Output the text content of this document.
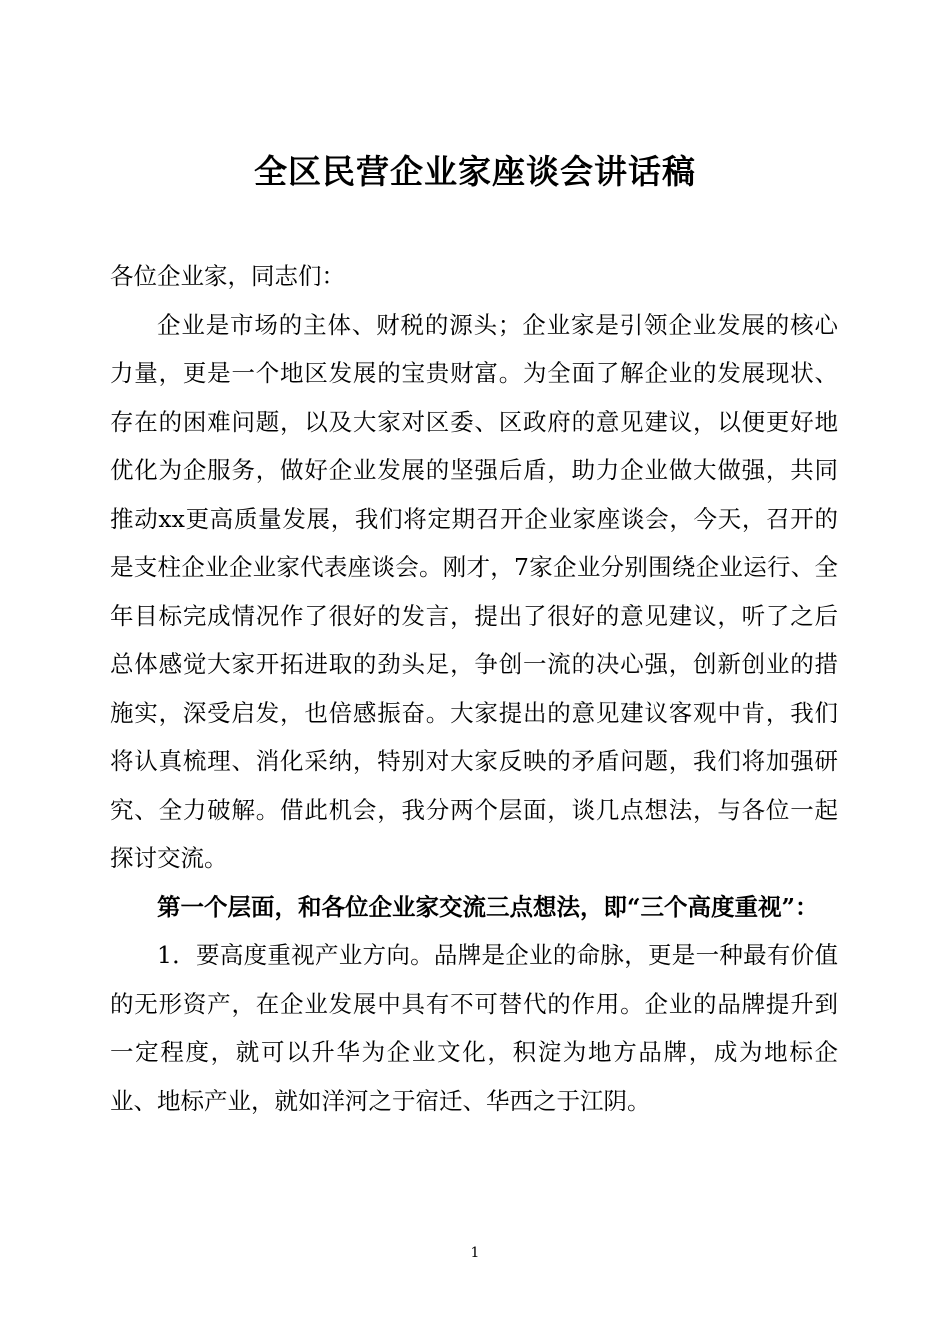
全区民营企业家座谈会讲话稿

各位企业家，同志们：

企业是市场的主体、财税的源头；企业家是引领企业发展的核心力量，更是一个地区发展的宝贵财富。为全面了解企业的发展现状、存在的困难问题，以及大家对区委、区政府的意见建议，以便更好地优化为企服务，做好企业发展的坚强后盾，助力企业做大做强，共同推动xx更高质量发展，我们将定期召开企业家座谈会，今天，召开的是支柱企业企业家代表座谈会。刚才，7家企业分别围绕企业运行、全年目标完成情况作了很好的发言，提出了很好的意见建议，听了之后总体感觉大家开拓进取的劲头足，争创一流的决心强，创新创业的措施实，深受启发，也倍感振奋。大家提出的意见建议客观中肯，我们将认真梳理、消化采纳，特别对大家反映的矛盾问题，我们将加强研究、全力破解。借此机会，我分两个层面，谈几点想法，与各位一起探讨交流。

第一个层面，和各位企业家交流三点想法，即“三个高度重视”：

1．要高度重视产业方向。品牌是企业的命脉，更是一种最有价值的无形资产，在企业发展中具有不可替代的作用。企业的品牌提升到一定程度，就可以升华为企业文化，积淀为地方品牌，成为地标企业、地标产业，就如洋河之于宿迁、华西之于江阴。

1
